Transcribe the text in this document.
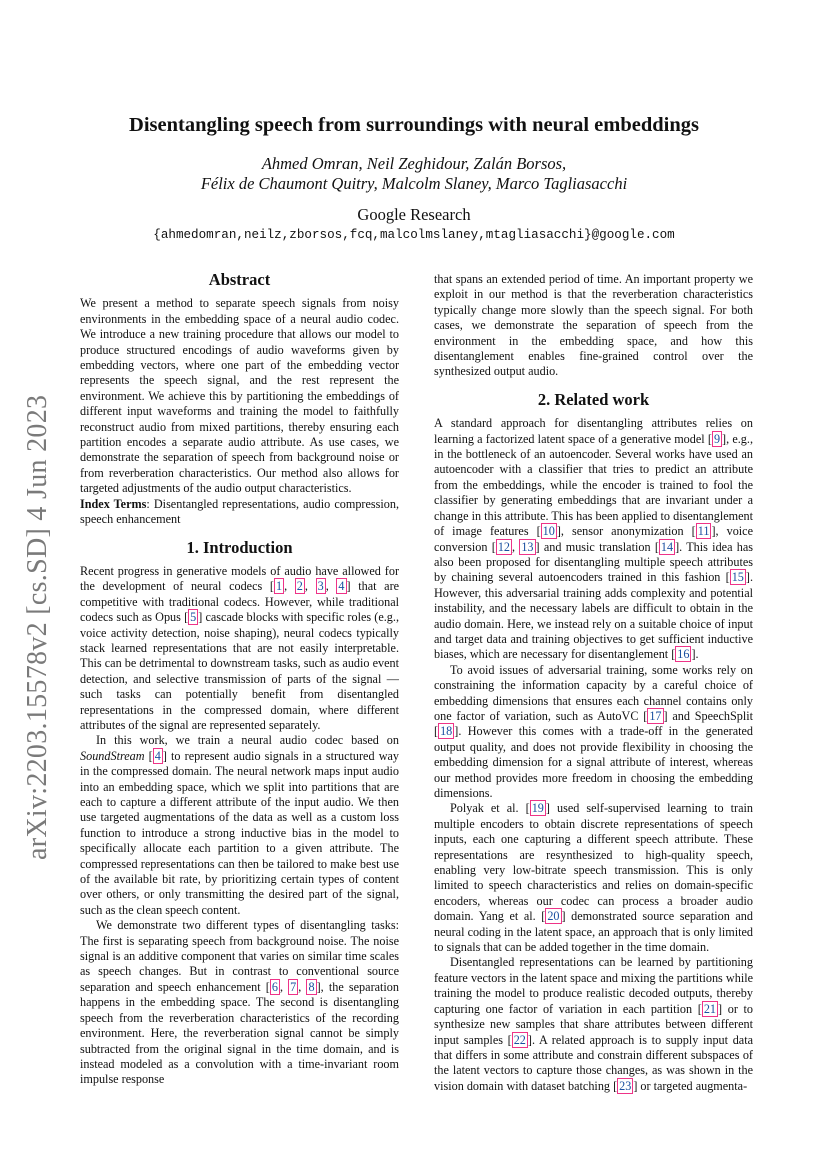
arXiv:2203.15578v2 [cs.SD] 4 Jun 2023
Disentangling speech from surroundings with neural embeddings
Ahmed Omran, Neil Zeghidour, Zalán Borsos,
Félix de Chaumont Quitry, Malcolm Slaney, Marco Tagliasacchi
Google Research
{ahmedomran,neilz,zborsos,fcq,malcolmslaney,mtagliasacchi}@google.com
Abstract

We present a method to separate speech signals from noisy environments in the embedding space of a neural audio codec. We introduce a new training procedure that allows our model to produce structured encodings of audio waveforms given by embedding vectors, where one part of the embedding vector represents the speech signal, and the rest represent the environment. We achieve this by partitioning the embeddings of different input waveforms and training the model to faithfully reconstruct audio from mixed partitions, thereby ensuring each partition encodes a separate audio attribute. As use cases, we demonstrate the separation of speech from background noise or from reverberation characteristics. Our method also allows for targeted adjustments of the audio output characteristics.

Index Terms: Disentangled representations, audio compression, speech enhancement

1. Introduction

Recent progress in generative models of audio have allowed for the development of neural codecs [ 1 , 2 , 3 , 4 ] that are competitive with traditional codecs. However, while traditional codecs such as Opus [ 5 ] cascade blocks with specific roles (e.g., voice activity detection, noise shaping), neural codecs typically stack learned representations that are not easily interpretable. This can be detrimental to downstream tasks, such as audio event detection, and selective transmission of parts of the signal — such tasks can potentially benefit from disentangled representations in the compressed domain, where different attributes of the signal are represented separately.

In this work, we train a neural audio codec based on SoundStream [ 4 ] to represent audio signals in a structured way in the compressed domain. The neural network maps input audio into an embedding space, which we split into partitions that are each to capture a different attribute of the input audio. We then use targeted augmentations of the data as well as a custom loss function to introduce a strong inductive bias in the model to specifically allocate each partition to a given attribute. The compressed representations can then be tailored to make best use of the available bit rate, by prioritizing certain types of content over others, or only transmitting the desired part of the signal, such as the clean speech content.

We demonstrate two different types of disentangling tasks: The first is separating speech from background noise. The noise signal is an additive component that varies on similar time scales as speech changes. But in contrast to conventional source separation and speech enhancement [ 6 , 7 , 8 ], the separation happens in the embedding space. The second is disentangling speech from the reverberation characteristics of the recording environment. Here, the reverberation signal cannot be simply subtracted from the original signal in the time domain, and is instead modeled as a convolution with a time-invariant room impulse response

that spans an extended period of time. An important property we exploit in our method is that the reverberation characteristics typically change more slowly than the speech signal. For both cases, we demonstrate the separation of speech from the environment in the embedding space, and how this disentanglement enables fine-grained control over the synthesized output audio.

2. Related work

A standard approach for disentangling attributes relies on learning a factorized latent space of a generative model [ 9 ], e.g., in the bottleneck of an autoencoder. Several works have used an autoencoder with a classifier that tries to predict an attribute from the embeddings, while the encoder is trained to fool the classifier by generating embeddings that are invariant under a change in this attribute. This has been applied to disentanglement of image features [ 10 ], sensor anonymization [ 11 ], voice conversion [ 12 , 13 ] and music translation [ 14 ]. This idea has also been proposed for disentangling multiple speech attributes by chaining several autoencoders trained in this fashion [ 15 ]. However, this adversarial training adds complexity and potential instability, and the necessary labels are difficult to obtain in the audio domain. Here, we instead rely on a suitable choice of input and target data and training objectives to get sufficient inductive biases, which are necessary for disentanglement [ 16 ].

To avoid issues of adversarial training, some works rely on constraining the information capacity by a careful choice of embedding dimensions that ensures each channel contains only one factor of variation, such as AutoVC [ 17 ] and SpeechSplit [ 18 ]. However this comes with a trade-off in the generated output quality, and does not provide flexibility in choosing the embedding dimension for a signal attribute of interest, whereas our method provides more freedom in choosing the embedding dimensions.

Polyak et al. [ 19 ] used self-supervised learning to train multiple encoders to obtain discrete representations of speech inputs, each one capturing a different speech attribute. These representations are resynthesized to high-quality speech, enabling very low-bitrate speech transmission. This is only limited to speech characteristics and relies on domain-specific encoders, whereas our codec can process a broader audio domain. Yang et al. [ 20 ] demonstrated source separation and neural coding in the latent space, an approach that is only limited to signals that can be added together in the time domain.

Disentangled representations can be learned by partitioning feature vectors in the latent space and mixing the partitions while training the model to produce realistic decoded outputs, thereby capturing one factor of variation in each partition [ 21 ] or to synthesize new samples that share attributes between different input samples [ 22 ]. A related approach is to supply input data that differs in some attribute and constrain different subspaces of the latent vectors to capture those changes, as was shown in the vision domain with dataset batching [ 23 ] or targeted augmenta-
